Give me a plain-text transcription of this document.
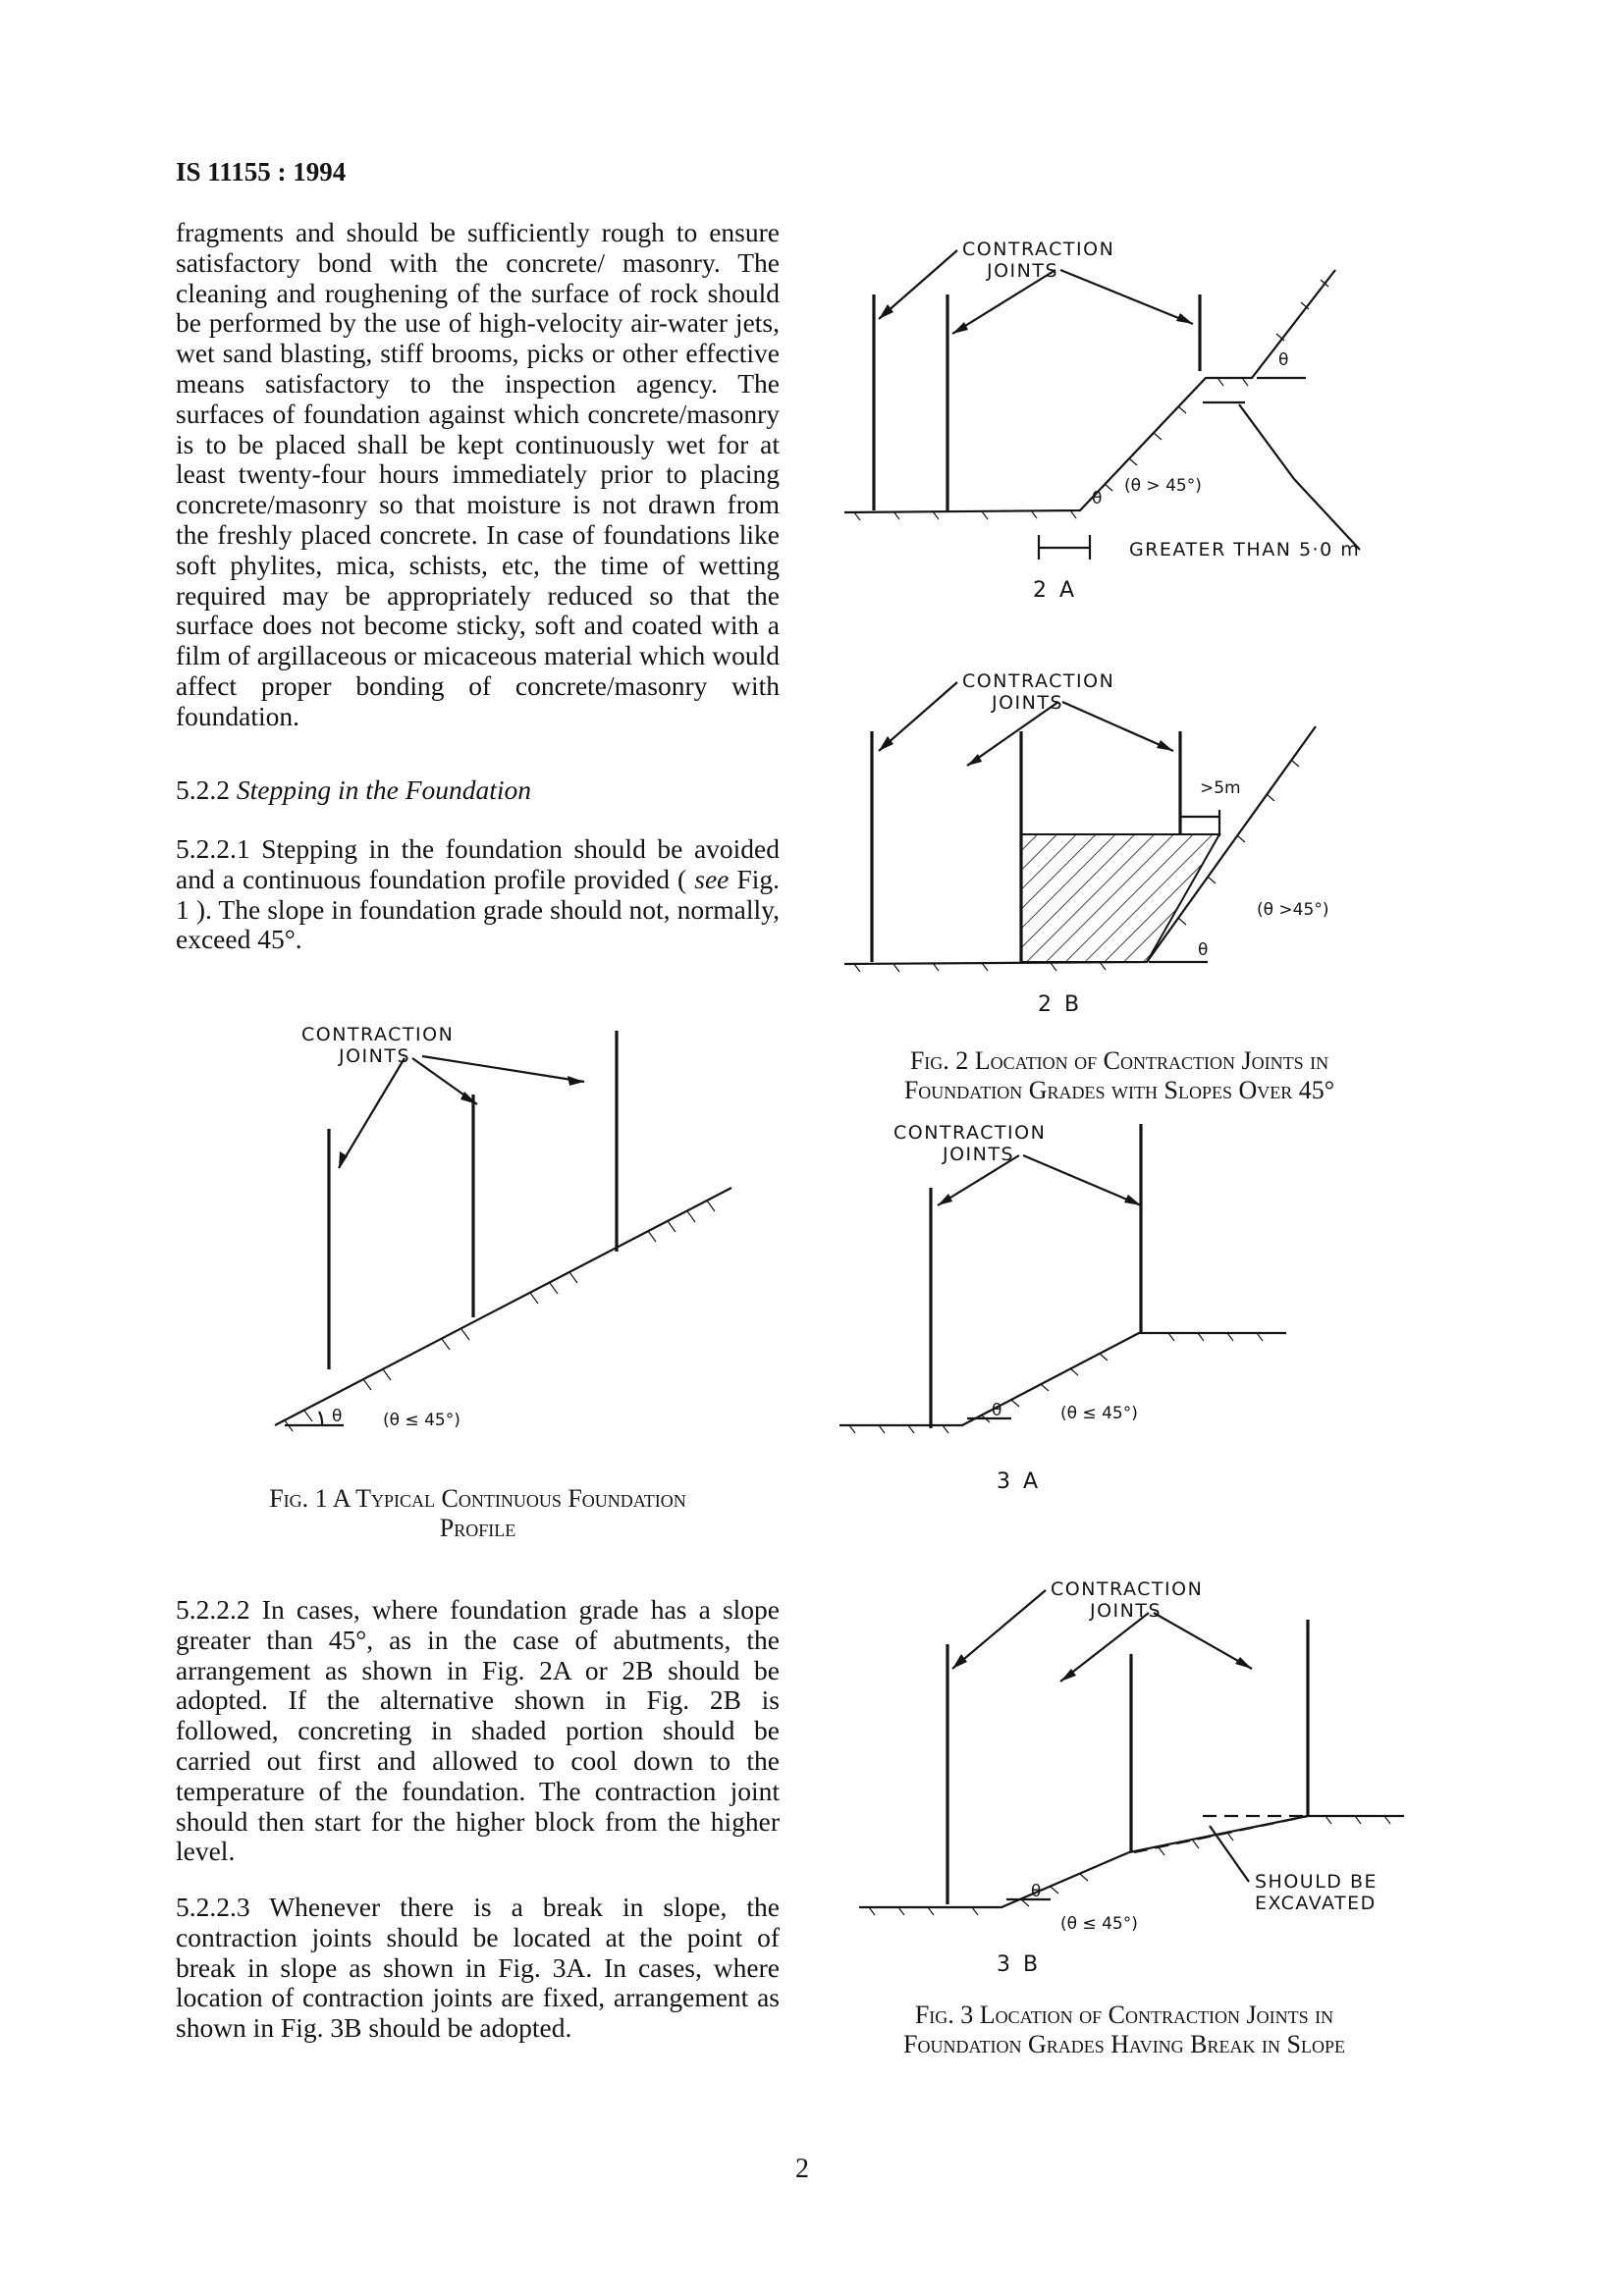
IS 11155 : 1994

fragments and should be sufficiently rough to ensure satisfactory bond with the concrete/ masonry. The cleaning and roughening of the surface of rock should be performed by the use of high-velocity air-water jets, wet sand blasting, stiff brooms, picks or other effective means satisfactory to the inspection agency. The surfaces of foundation against which concrete/masonry is to be placed shall be kept continuously wet for at least twenty-four hours immediately prior to placing concrete/masonry so that moisture is not drawn from the freshly placed concrete. In case of foundations like soft phylites, mica, schists, etc, the time of wetting required may be appropriately reduced so that the surface does not become sticky, soft and coated with a film of argillaceous or micaceous material which would affect proper bonding of concrete/masonry with foundation.

5.2.2 Stepping in the Foundation

5.2.2.1 Stepping in the foundation should be avoided and a continuous foundation profile provided ( see Fig. 1 ). The slope in foundation grade should not, normally, exceed 45°.

5.2.2.2 In cases, where foundation grade has a slope greater than 45°, as in the case of abutments, the arrangement as shown in Fig. 2A or 2B should be adopted. If the alternative shown in Fig. 2B is followed, concreting in shaded portion should be carried out first and allowed to cool down to the temperature of the foundation. The contraction joint should then start for the higher block from the higher level.

5.2.2.3 Whenever there is a break in slope, the contraction joints should be located at the point of break in slope as shown in Fig. 3A. In cases, where location of contraction joints are fixed, arrangement as shown in Fig. 3B should be adopted.

CONTRACTION
JOINTS
θ (θ ≤ 45°)
Fig. 1 A Typical Continuous Foundation
Profile
CONTRACTION
JOINTS
θ
θ
(θ > 45°)
GREATER THAN 5·0 m
2 A
CONTRACTION
JOINTS
>5m
(θ >45°)
θ
2 B
Fig. 2 Location of Contraction Joints in
Foundation Grades with Slopes Over 45°
CONTRACTION
JOINTS
θ	(θ ≤ 45°)
3 A
CONTRACTION
JOINTS
SHOULD BE
EXCAVATED
θ
(θ ≤ 45°)
3 B
Fig. 3 Location of Contraction Joints in
Foundation Grades Having Break in Slope
2
